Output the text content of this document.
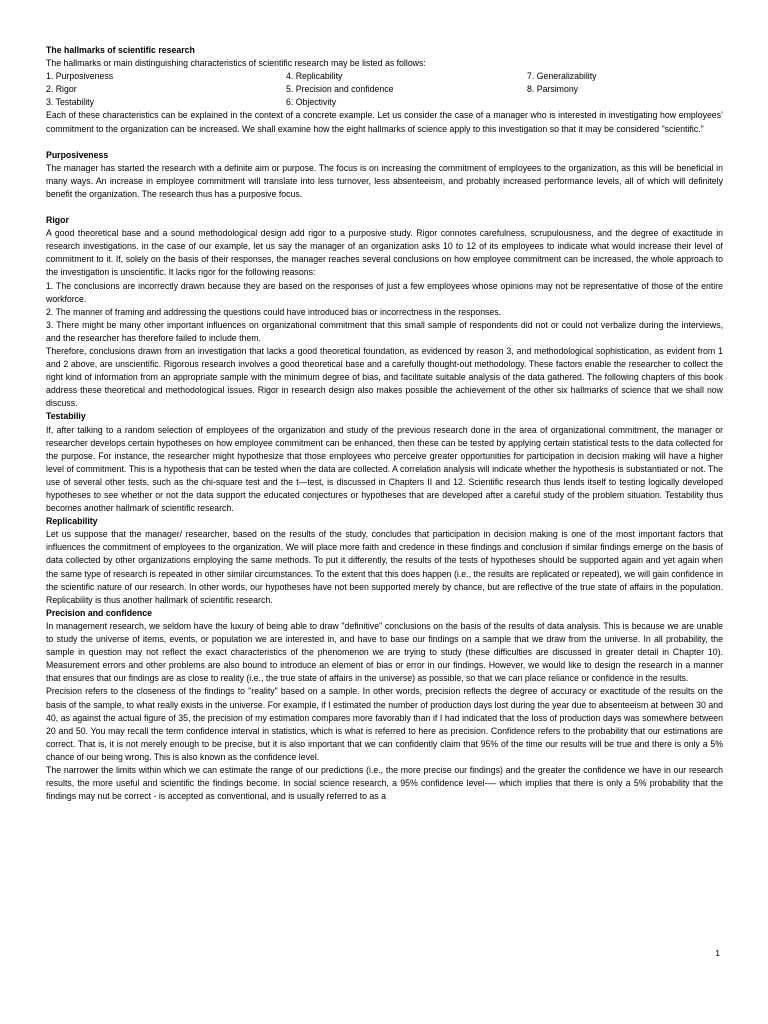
The hallmarks of scientific research

The hallmarks or main distinguishing characteristics of scientific research may be listed as follows:

1. Purposiveness	4. Replicability	7. Generalizability
2. Rigor	5. Precision and confidence	8. Parsimony
3. Testability	6. Objectivity

Each of these characteristics can be explained in the context of a concrete example. Let us consider the case of a manager who is interested in investigating how employees’ commitment to the organization can be increased. We shall examine how the eight hallmarks of science apply to this investigation so that it may be considered "scientific."

Purposiveness

The manager has started the research with a definite aim or purpose. The focus is on increasing the commitment of employees to the organization, as this will be beneficial in many ways. An increase in employee commitment will translate into less turnover, less absenteeism, and probably increased performance levels, all of which will definitely benefit the organization. The research thus has a purposive focus.

Rigor

A good theoretical base and a sound methodological design add rigor to a purposive study. Rigor connotes carefulness, scrupulousness, and the degree of exactitude in research investigations. in the case of our example, let us say the manager of an organization asks 10 to 12 of its employees to indicate what would increase their level of commitment to it. If, solely on the basis of their responses, the manager reaches several conclusions on how employee commitment can be increased, the whole approach to the investigation is unscientific. It lacks rigor for the following reasons:

1. The conclusions are incorrectly drawn because they are based on the responses of just a few employees whose opinions may not be representative of those of the entire workforce.

2. The manner of framing and addressing the questions could have introduced bias or incorrectness in the responses.

3. There might be many other important influences on organizational commitment that this small sample of respondents did not or could not verbalize during the interviews, and the researcher has therefore failed to include them.

Therefore, conclusions drawn from an investigation that lacks a good theoretical foundation, as evidenced by reason 3, and methodological sophistication, as evident from 1 and 2 above, are unscientific. Rigorous research involves a good theoretical base and a carefully thought-out methodology. These factors enable the researcher to collect the right kind of information from an appropriate sample with the minimum degree of bias, and facilitate suitable analysis of the data gathered. The following chapters of this book address these theoretical and methodological issues. Rigor in research design also makes possible the achievement of the other six hallmarks of science that we shall now discuss.

Testabiliy

If, after talking to a random selection of employees of the organization and study of the previous research done in the area of organizational commitment, the manager or researcher develops certain hypotheses on how employee commitment can be enhanced, then these can be tested by applying certain statistical tests to the data collected for the purpose. For instance, the researcher might hypothesize that those employees who perceive greater opportunities for participation in decision making will have a higher level of commitment. This is a hypothesis that can be tested when the data are collected. A correlation analysis will indicate whether the hypothesis is substantiated or not. The use of several other tests, such as the chi-square test and the t—test, is discussed in Chapters II and 12. Scientific research thus lends itself to testing logically developed hypotheses to see whether or not the data support the educated conjectures or hypotheses that are developed after a careful study of the problem situation. Testability thus becomes another hallmark of scientific research.

Replicability

Let us suppose that the manager/ researcher, based on the results of the study, concludes that participation in decision making is one of the most important factors that influences the commitment of employees to the organization. We will place more faith and credence in these findings and conclusion if similar findings emerge on the basis of data collected by other organizations employing the same methods. To put it differently, the results of the tests of hypotheses should be supported again and yet again when the same type of research is repeated in other similar circumstances. To the extent that this does happen (i.e., the results are replicated or repeated), we will gain confidence in the scientific nature of our research. In other words, our hypotheses have not been supported merely by chance, but are reflective of the true state of affairs in the population. Replicability is thus another hallmark of scientific research.

Precision and confidence

In management research, we seldom have the luxury of being able to draw "definitive" conclusions on the basis of the results of data analysis. This is because we are unable to study the universe of items, events, or population we are interested in, and have to base our findings on a sample that we draw from the universe. In all probability, the sample in question may not reflect the exact characteristics of the phenomenon we are trying to study (these difficulties are discussed in greater detail in Chapter 10). Measurement errors and other problems are also bound to introduce an element of bias or error in our findings. However, we would like to design the research in a manner that ensures that our findings are as close to reality (i.e., the true state of affairs in the universe) as possible, so that we can place reliance or confidence in the results.

Precision refers to the closeness of the findings to "reality" based on a sample. In other words, precision reflects the degree of accuracy or exactitude of the results on the basis of the sample, to what really exists in the universe. For example, if I estimated the number of production days lost during the year due to absenteeism at between 30 and 40, as against the actual figure of 35, the precision of my estimation compares more favorably than if I had indicated that the loss of production days was somewhere between 20 and 50. You may recall the term confidence interval in statistics, which is what is referred to here as precision. Confidence refers to the probability that our estimations are correct. That is, it is not merely enough to be precise, but it is also important that we can confidently claim that 95% of the time our results will be true and there is only a 5% chance of our being wrong. This is also known as the confidence level.

The narrower the limits within which we can estimate the range of our predictions (i.e., the more precise our findings) and the greater the confidence we have in our research results, the more useful and scientific the findings become. In social science research, a 95% confidence level-— which implies that there is only a 5% probability that the findings may nut be correct - is accepted as conventional, and is usually referred to as a

1
